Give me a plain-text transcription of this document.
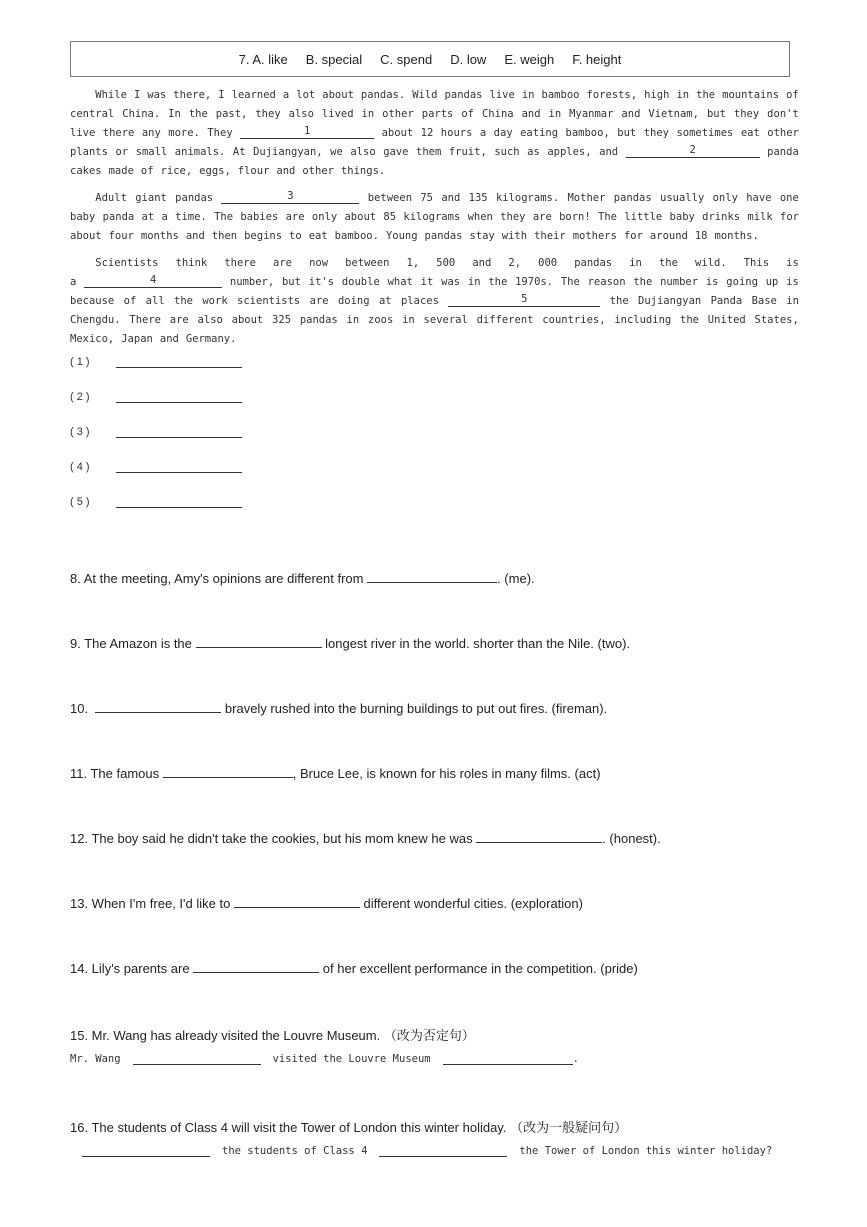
7. A. like B. special C. spend D. low E. weigh F. height
While I was there, I learned a lot about pandas. Wild pandas live in bamboo forests, high in the mountains of
central China. In the past, they also lived in other parts of China and in Myanmar and Vietnam, but they don't
live there any more. They	1	about 12 hours a day eating bamboo, but they sometimes eat other
plants or small animals. At Dujiangyan, we also gave them fruit, such as apples, and	2	panda
cakes made of rice, eggs, flour and other things.
Adult giant pandas	3	between 75 and 135 kilograms. Mother pandas usually only have one
baby panda at a time. The babies are only about 85 kilograms when they are born! The little baby drinks milk for
about four months and then begins to eat bamboo. Young pandas stay with their mothers for around 18 months.
Scientists think there are now between 1, 500 and 2, 000 pandas in the wild. This is
a	4	number, but it's double what it was in the 1970s. The reason the number is going up is
because of all the work scientists are doing at places	5	the Dujiangyan Panda Base in
Chengdu. There are also about 325 pandas in zoos in several different countries, including the United States,
Mexico, Japan and Germany.
( 1 )
( 2 )
( 3 )
( 4 )
( 5 )
8. At the meeting, Amy's opinions are different from	. (me).
9. The Amazon is the	longest river in the world. shorter than the Nile. (two).
10.	bravely rushed into the burning buildings to put out fires. (fireman).
11. The famous	, Bruce Lee, is known for his roles in many films. (act)
12. The boy said he didn't take the cookies, but his mom knew he was	. (honest).
13. When I'm free, I'd like to	different wonderful cities. (exploration)
14. Lily's parents are	of her excellent performance in the competition. (pride)
15. Mr. Wang has already visited the Louvre Museum. （改为否定句）
Mr. Wang	visited the Louvre Museum	.
16. The students of Class 4 will visit the Tower of London this winter holiday. （改为一般疑问句）
the students of Class 4	the Tower of London this winter holiday?
